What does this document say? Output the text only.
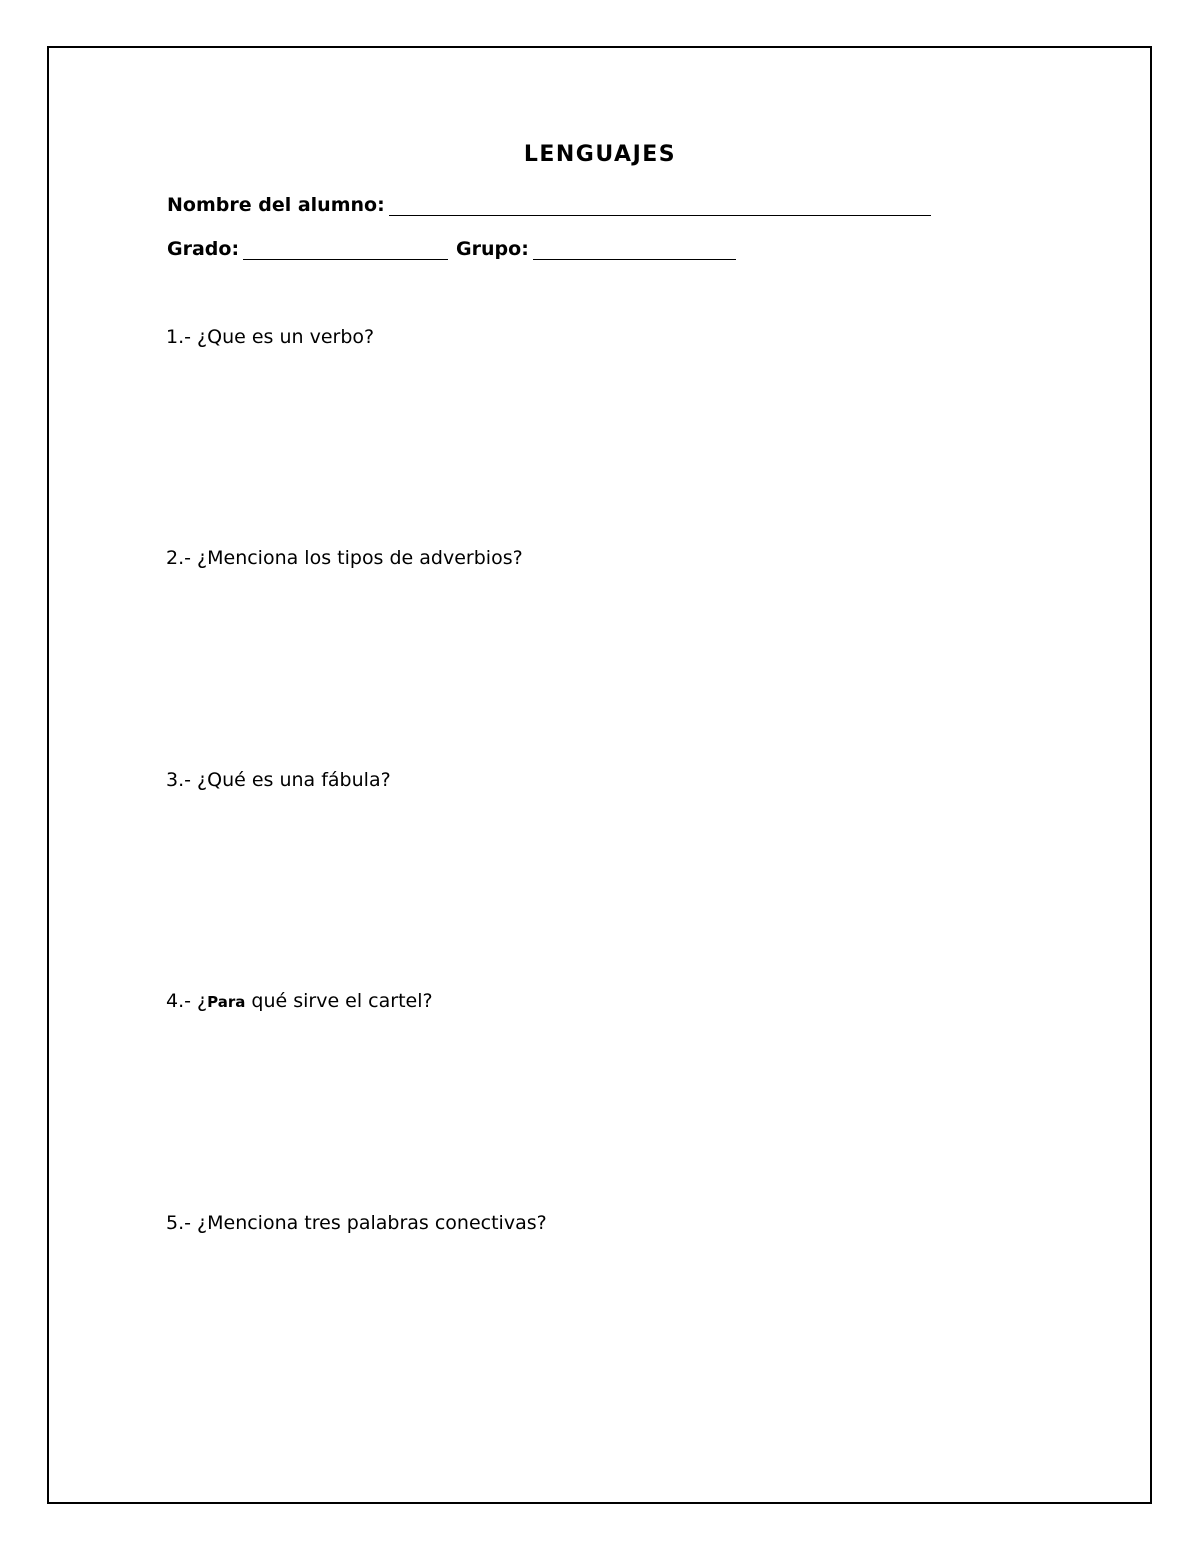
LENGUAJES
Nombre del alumno:
Grado:	Grupo:
1.- ¿Que es un verbo?
2.- ¿Menciona los tipos de adverbios?
3.- ¿Qué es una fábula?
4.- ¿Para qué sirve el cartel?
5.- ¿Menciona tres palabras conectivas?
